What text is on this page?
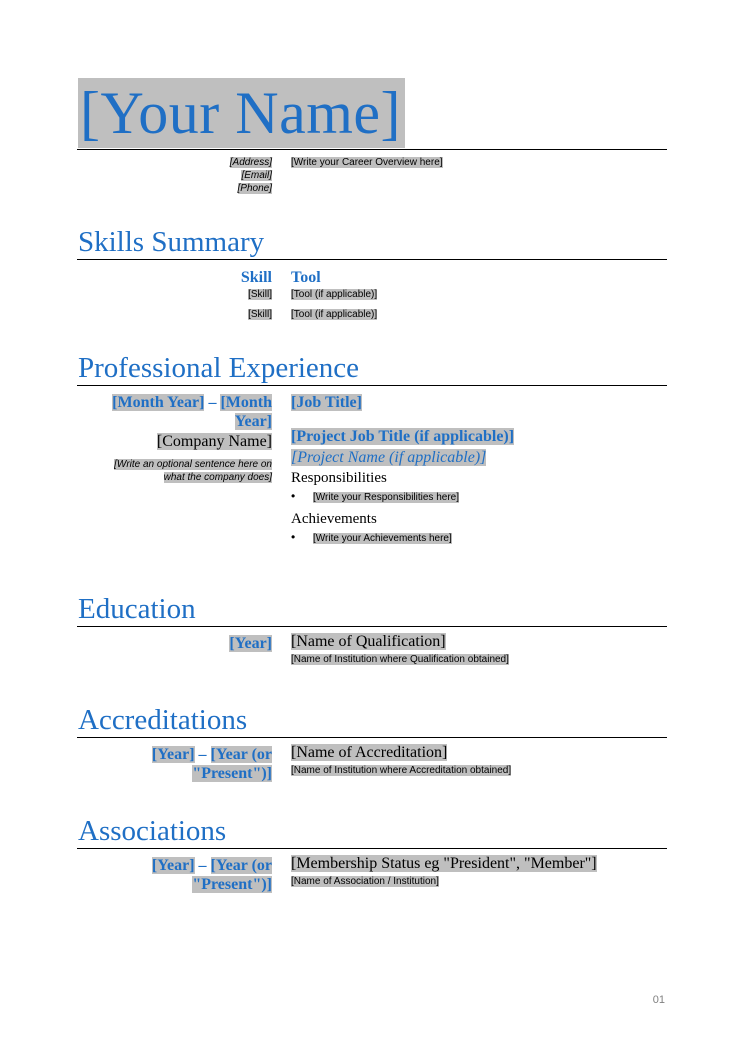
[Your Name]
[Address]
[Email]
[Phone]
[Write your Career Overview here]
Skills Summary
Skill Tool
[Skill] [Tool (if applicable)]
[Skill] [Tool (if applicable)]
Professional Experience
[Month Year] – [Month
Year]
[Company Name]
[Write an optional sentence here on
what the company does]
[Job Title]
[Project Job Title (if applicable)]
[Project Name (if applicable)]
Responsibilities
• [Write your Responsibilities here]
Achievements
• [Write your Achievements here]
Education
[Year] [Name of Qualification]
[Name of Institution where Qualification obtained]
Accreditations
[Year] – [Year (or
"Present")]
[Name of Accreditation]
[Name of Institution where Accreditation obtained]
Associations
[Year] – [Year (or
"Present")]
[Membership Status eg "President", "Member"]
[Name of Association / Institution]
01
